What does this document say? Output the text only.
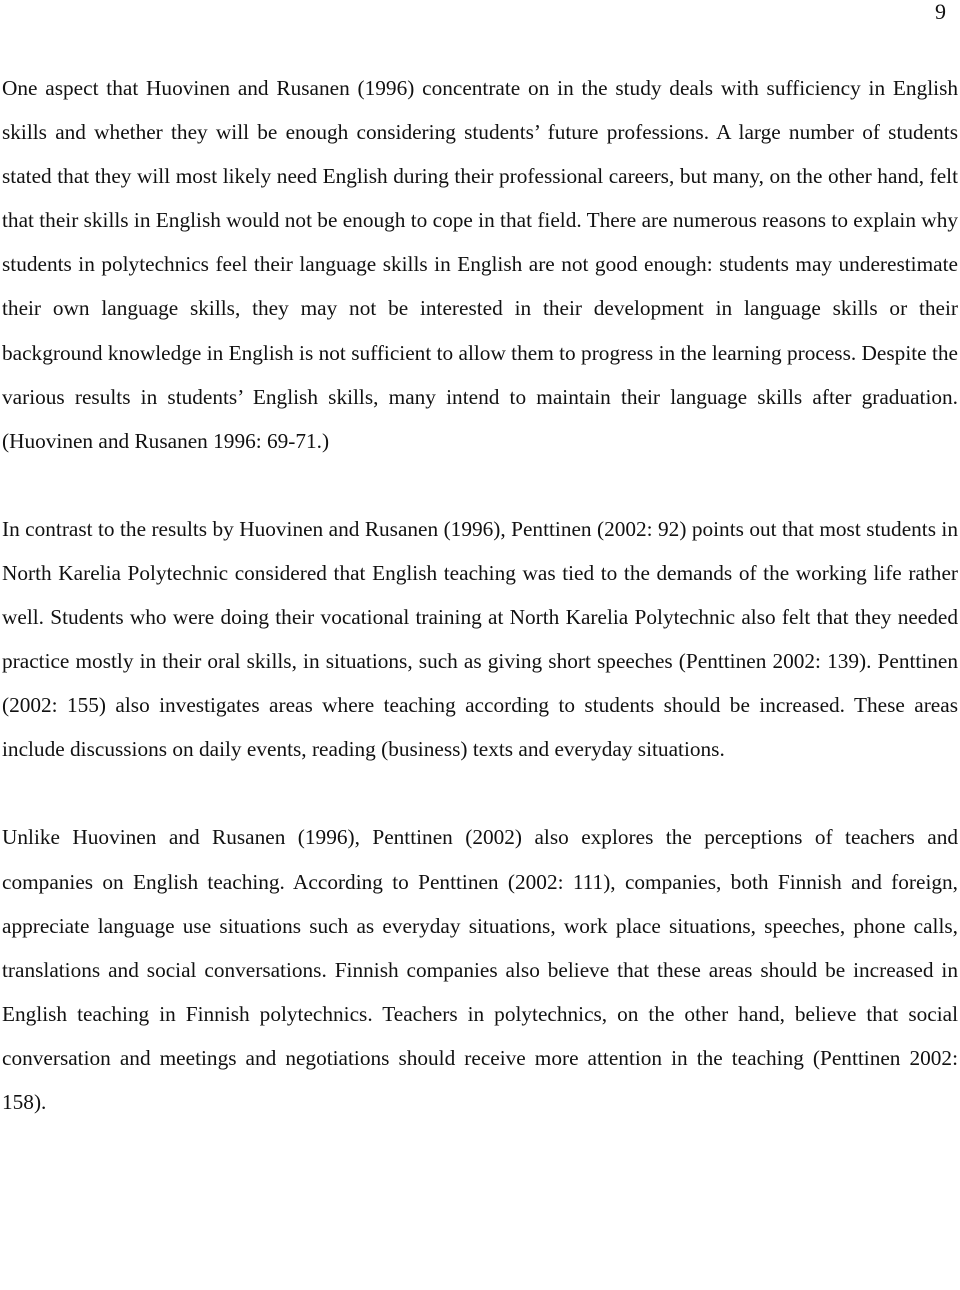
9

One aspect that Huovinen and Rusanen (1996) concentrate on in the study deals with sufficiency in English skills and whether they will be enough considering students’ future professions. A large number of students stated that they will most likely need English during their professional careers, but many, on the other hand, felt that their skills in English would not be enough to cope in that field. There are numerous reasons to explain why students in polytechnics feel their language skills in English are not good enough: students may underestimate their own language skills, they may not be interested in their development in language skills or their background knowledge in English is not sufficient to allow them to progress in the learning process. Despite the various results in students’ English skills, many intend to maintain their language skills after graduation. (Huovinen and Rusanen 1996: 69-71.)

In contrast to the results by Huovinen and Rusanen (1996), Penttinen (2002: 92) points out that most students in North Karelia Polytechnic considered that English teaching was tied to the demands of the working life rather well. Students who were doing their vocational training at North Karelia Polytechnic also felt that they needed practice mostly in their oral skills, in situations, such as giving short speeches (Penttinen 2002: 139). Penttinen (2002: 155) also investigates areas where teaching according to students should be increased. These areas include discussions on daily events, reading (business) texts and everyday situations.

Unlike Huovinen and Rusanen (1996), Penttinen (2002) also explores the perceptions of teachers and companies on English teaching. According to Penttinen (2002: 111), companies, both Finnish and foreign, appreciate language use situations such as everyday situations, work place situations, speeches, phone calls, translations and social conversations. Finnish companies also believe that these areas should be increased in English teaching in Finnish polytechnics. Teachers in polytechnics, on the other hand, believe that social conversation and meetings and negotiations should receive more attention in the teaching (Penttinen 2002: 158).
